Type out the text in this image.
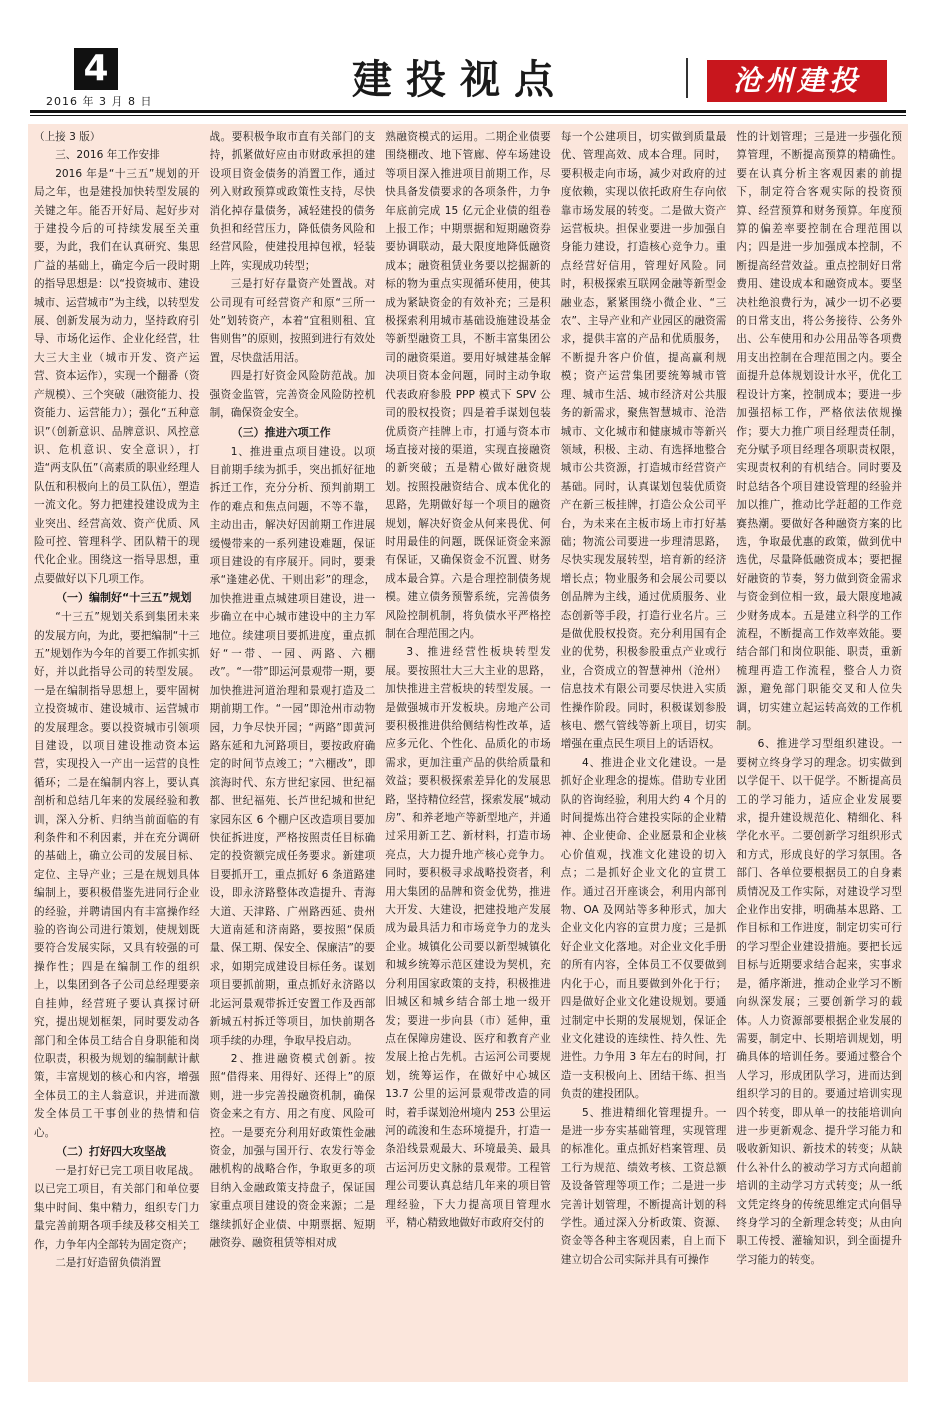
4
2016 年 3 月 8 日	建投视点	沧州建投

（上接 3 版）

三、2016 年工作安排

2016 年是“十三五”规划的开局之年，也是建投加快转型发展的关键之年。能否开好局、起好步对于建投今后的可持续发展至关重要，为此，我们在认真研究、集思广益的基础上，确定今后一段时期的指导思想是：以“投资城市、建设城市、运营城市”为主线，以转型发展、创新发展为动力，坚持政府引导、市场化运作、企业化经营，壮大三大主业（城市开发、资产运营、资本运作），实现一个翻番（资产规模）、三个突破（融资能力、投资能力、运营能力）；强化“五种意识”（创新意识、品牌意识、风控意识、危机意识、安全意识），打造“两支队伍”（高素质的职业经理人队伍和积极向上的员工队伍），塑造一流文化。努力把建投建设成为主业突出、经营高效、资产优质、风险可控、管理科学、团队精干的现代化企业。围绕这一指导思想，重点要做好以下几项工作。

（一）编制好“十三五”规划

“十三五”规划关系到集团未来的发展方向，为此，要把编制“十三五”规划作为今年的首要工作抓实抓好，并以此指导公司的转型发展。一是在编制指导思想上，要牢固树立投资城市、建设城市、运营城市的发展理念。要以投资城市引领项目建设，以项目建设推动资本运营，实现投入一产出一运营的良性循环；二是在编制内容上，要认真剖析和总结几年来的发展经验和教训，深入分析、归纳当前面临的有利条件和不利因素，并在充分调研的基础上，确立公司的发展目标、定位、主导产业；三是在规划具体编制上，要积极借鉴先进同行企业的经验，并聘请国内有丰富操作经验的咨询公司进行策划，使规划既要符合发展实际，又具有较强的可操作性；四是在编制工作的组织上，以集团到各子公司总经理要亲自挂帅，经营班子要认真探讨研究，提出规划框架，同时要发动各部门和全体员工结合自身职能和岗位职责，积极为规划的编制献计献策，丰富规划的核心和内容，增强全体员工的主人翁意识，并进而激发全体员工干事创业的热情和信心。

（二）打好四大攻坚战

一是打好已完工项目收尾战。以已完工项目，有关部门和单位要集中时间、集中精力，组织专门力量完善前期各项手续及移交相关工作，力争年内全部转为固定资产；

二是打好造留负债消置

战。要积极争取市直有关部门的支持，抓紧做好应由市财政承担的建设项目资金债务的消置工作，通过列入财政预算或政策性支持，尽快消化掉存量债务，减轻建投的债务负担和经营压力，降低债务风险和经营风险，使建投甩掉包袱，轻装上阵，实现成功转型；

三是打好存量资产处置战。对公司现有可经营资产和原“三所一处”划转资产，本着“宜租则租、宜售则售”的原则，按照到进行有效处置，尽快盘活用活。

四是打好资金风险防范战。加强资金监管，完善资金风险防控机制，确保资金安全。

（三）推进六项工作

1、推进重点项目建设。以项目前期手续为抓手，突出抓好征地拆迁工作，充分分析、预判前期工作的难点和焦点问题，不等不靠，主动出击，解决好因前期工作进展缓慢带来的一系列建设难题，保证项目建设的有序展开。同时，要秉承“逢建必优、干则出彩”的理念，加快推进重点城建项目建设，进一步确立在中心城市建设中的主力军地位。续建项目要抓进度，重点抓好“一带、一园、两路、六棚改”。“一带”即运河景观带一期，要加快推进河道治理和景观打造及二期前期工作。“一园”即沧州市动物园，力争尽快开园；“两路”即黄河路东延和九河路项目，要按政府确定的时间节点竣工；“六棚改”，即滨海时代、东方世纪家园、世纪福都、世纪福苑、长芦世纪城和世纪家园东区 6 个棚户区改造项目要加快征拆进度，严格按照责任目标确定的投资额完成任务要求。新建项目要抓开工，重点抓好 6 条道路建设，即永济路整体改造提升、青海大道、天津路、广州路西延、贵州大道南延和济南路，要按照“保质量、保工期、保安全、保廉洁”的要求，如期完成建设目标任务。谋划项目要抓前期，重点抓好永济路以北运河景观带拆迁安置工作及西部新城五村拆迁等项目，加快前期各项手续的办理，争取早投启动。

2、推进融资模式创新。按照“借得来、用得好、还得上”的原则，进一步完善投融资机制，确保资金来之有方、用之有度、风险可控。一是要充分利用好政策性金融资金，加强与国开行、农发行等金融机构的战略合作，争取更多的项目纳入金融政策支持盘子，保证国家重点项目建设的资金来源；二是继续抓好企业债、中期票据、短期融资券、融资租赁等相对成

熟融资模式的运用。二期企业债要围绕棚改、地下管廊、停车场建设等项目深入推进项目前期工作，尽快具备发债要求的各项条件，力争年底前完成 15 亿元企业债的组卷上报工作；中期票据和短期融资券要协调联动，最大限度地降低融资成本；融资租赁业务要以挖掘新的标的物为重点实现循环使用，使其成为紧缺资金的有效补充；三是积极探索利用城市基础设施建设基金等新型融资工具，不断丰富集团公司的融资渠道。要用好城建基金解决项目资本金问题，同时主动争取代表政府参股 PPP 模式下 SPV 公司的股权投资；四是着手谋划包装优质资产挂牌上市，打通与资本市场直接对接的渠道，实现直接融资的新突破；五是精心做好融资规划。按照投融资结合、成本优化的思路，先期做好每一个项目的融资规划，解决好资金从何来畏优、何时用最佳的问题，既保证资金来源有保证，又确保资金不沉置、财务成本最合算。六是合理控制债务规模。建立债务预警系统，完善债务风险控制机制，将负债水平严格控制在合理范围之内。

3、推进经营性板块转型发展。要按照壮大三大主业的思路，加快推进主营板块的转型发展。一是做强城市开发板块。房地产公司要积极推进供给侧结构性改革，适应多元化、个性化、品质化的市场需求，更加注重产品的供给质量和效益；要积极探索差异化的发展思路，坚持精位经营，探索发展“城动房”、和养老地产等新型地产，并通过采用新工艺、新材料，打造市场亮点，大力提升地产核心竞争力。同时，要积极寻求战略投资者，利用大集团的品牌和资金优势，推进大开发、大建设，把建投地产发展成为最具活力和市场竞争力的龙头企业。城镇化公司要以新型城镇化和城乡统筹示范区建设为契机，充分利用国家政策的支持，积极推进旧城区和城乡结合部土地一级开发；要进一步向县（市）延伸，重点在保障房建设、医疗和教育产业发展上抢占先机。古运河公司要规划，统筹运作，在做好中心城区 13.7 公里的运河景观带改造的同时，着手谋划沧州境内 253 公里运河的疏浚和生态环境提升，打造一条沿线景观最大、环境最美、最具古运河历史文脉的景观带。工程管理公司要认真总结几年来的项目管理经验，下大力提高项目管理水平，精心精致地做好市政府交付的

每一个公建项目，切实做到质量最优、管理高效、成本合理。同时，要积极走向市场，减少对政府的过度依赖，实现以依托政府生存向依靠市场发展的转变。二是做大资产运营板块。担保业要进一步加强自身能力建设，打造核心竞争力。重点经营好信用，管理好风险。同时，积极探索互联网金融等新型金融业态，紧紧围绕小微企业、“三农”、主导产业和产业园区的融资需求，提供丰富的产品和优质服务，不断提升客户价值，提高赢利规模；资产运营集团要统筹城市管理、城市生活、城市经济对公共服务的新需求，聚焦智慧城市、沧浩城市、文化城市和健康城市等新兴领域，积极、主动、有选择地整合城市公共资源，打造城市经营资产基础。同时，认真谋划包装优质资产在新三板挂牌，打造公众公司平台，为未来在主板市场上市打好基础；物流公司要进一步理清思路，尽快实现发展转型，培育新的经济增长点；物业服务和会展公司要以创品牌为主线，通过优质服务、业态创新等手段，打造行业名片。三是做优股权投资。充分利用国有企业的优势，积极参股重点产业或行业，合资成立的智慧神州（沧州）信息技术有限公司要尽快进入实质性操作阶段。同时，积极谋划参股核电、燃气管线等新上项目，切实增强在重点民生项目上的话语权。

4、推进企业文化建设。一是抓好企业理念的提炼。借助专业团队的咨询经验，利用大约 4 个月的时间提炼出符合建投实际的企业精神、企业使命、企业愿景和企业核心价值观，找准文化建设的切入点；二是抓好企业文化的宣贯工作。通过召开座谈会，利用内部刊物、OA 及网站等多种形式，加大企业文化内容的宣贯力度；三是抓好企业文化落地。对企业文化手册的所有内容，全体员工不仅要做到内化于心，而且要做到外化于行；四是做好企业文化建设规划。要通过制定中长期的发展规划，保证企业文化建设的连续性、持久性、先进性。力争用 3 年左右的时间，打造一支积极向上、团结干练、担当负责的建投团队。

5、推进精细化管理提升。一是进一步夯实基础管理，实现管理的标准化。重点抓好档案管理、员工行为规范、绩效考核、工资总额及设备管理等项工作；二是进一步完善计划管理，不断提高计划的科学性。通过深入分析政策、资源、资金等各种主客观因素，自上而下建立切合公司实际并具有可操作

性的计划管理；三是进一步强化预算管理，不断提高预算的精确性。要在认真分析主客观因素的前提下，制定符合客观实际的投资预算、经营预算和财务预算。年度预算的偏差率要控制在合理范围以内；四是进一步加强成本控制，不断提高经营效益。重点控制好日常费用、建设成本和融资成本。要坚决杜绝浪费行为，减少一切不必要的日常支出，将公务接待、公务外出、公车使用和办公用品等各项费用支出控制在合理范围之内。要全面提升总体规划设计水平，优化工程设计方案，控制成本；要进一步加强招标工作，严格依法依规操作；要大力推广项目经理责任制，充分赋予项目经理各项职责权限，实现责权利的有机结合。同时要及时总结各个项目建设管理的经验并加以推广，推动比学赶超的工作竞赛热潮。要做好各种融资方案的比选，争取最优惠的政策，做到优中选优，尽量降低融资成本；要把握好融资的节奏，努力做到资金需求与资金到位相一致，最大限度地减少财务成本。五是建立科学的工作流程，不断提高工作效率效能。要结合部门和岗位职能、职责，重新梳理再造工作流程，整合人力资源，避免部门职能交叉和人位失调，切实建立起运转高效的工作机制。

6、推进学习型组织建设。一要树立终身学习的理念。切实做到以学促干、以干促学。不断提高员工的学习能力，适应企业发展要求，提升建设规范化、精细化、科学化水平。二要创新学习组织形式和方式，形成良好的学习氛围。各部门、各单位要根据员工的自身素质情况及工作实际，对建设学习型企业作出安排，明确基本思路、工作目标和工作进度，制定切实可行的学习型企业建设措施。要把长远目标与近期要求结合起来，实事求是，循序渐进，推动企业学习不断向纵深发展；三要创新学习的载体。人力资源部要根据企业发展的需要，制定中、长期培训规划，明确具体的培训任务。要通过整合个人学习，形成团队学习，进而达到组织学习的目的。要通过培训实现四个转变，即从单一的技能培训向进一步更新观念、提升学习能力和吸收新知识、新技术的转变；从缺什么补什么的被动学习方式向超前培训的主动学习方式转变；从一纸文凭定终身的传统思维定式向倡导终身学习的全新理念转变；从由向职工传授、灌输知识，到全面提升学习能力的转变。
